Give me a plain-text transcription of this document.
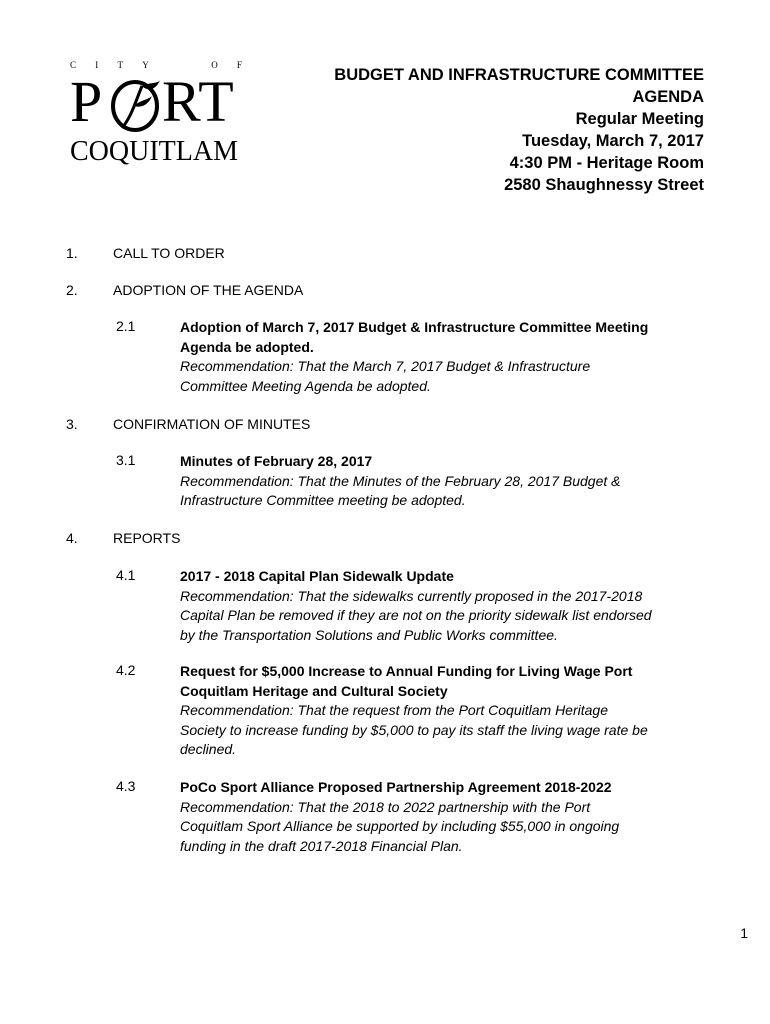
C I T Y	O F
P RT
COQUITLAM
BUDGET AND INFRASTRUCTURE COMMITTEE
AGENDA
Regular Meeting
Tuesday, March 7, 2017
4:30 PM - Heritage Room
2580 Shaughnessy Street
1.	CALL TO ORDER
2.	ADOPTION OF THE AGENDA
2.1	Adoption of March 7, 2017 Budget & Infrastructure Committee Meeting
Agenda be adopted.
Recommendation: That the March 7, 2017 Budget & Infrastructure
Committee Meeting Agenda be adopted.
3.	CONFIRMATION OF MINUTES
3.1	Minutes of February 28, 2017
Recommendation: That the Minutes of the February 28, 2017 Budget &
Infrastructure Committee meeting be adopted.
4.	REPORTS
4.1	2017 - 2018 Capital Plan Sidewalk Update
Recommendation: That the sidewalks currently proposed in the 2017-2018
Capital Plan be removed if they are not on the priority sidewalk list endorsed
by the Transportation Solutions and Public Works committee.
4.2	Request for $5,000 Increase to Annual Funding for Living Wage Port
Coquitlam Heritage and Cultural Society
Recommendation: That the request from the Port Coquitlam Heritage
Society to increase funding by $5,000 to pay its staff the living wage rate be
declined.
4.3	PoCo Sport Alliance Proposed Partnership Agreement 2018-2022
Recommendation: That the 2018 to 2022 partnership with the Port
Coquitlam Sport Alliance be supported by including $55,000 in ongoing
funding in the draft 2017-2018 Financial Plan.
1
